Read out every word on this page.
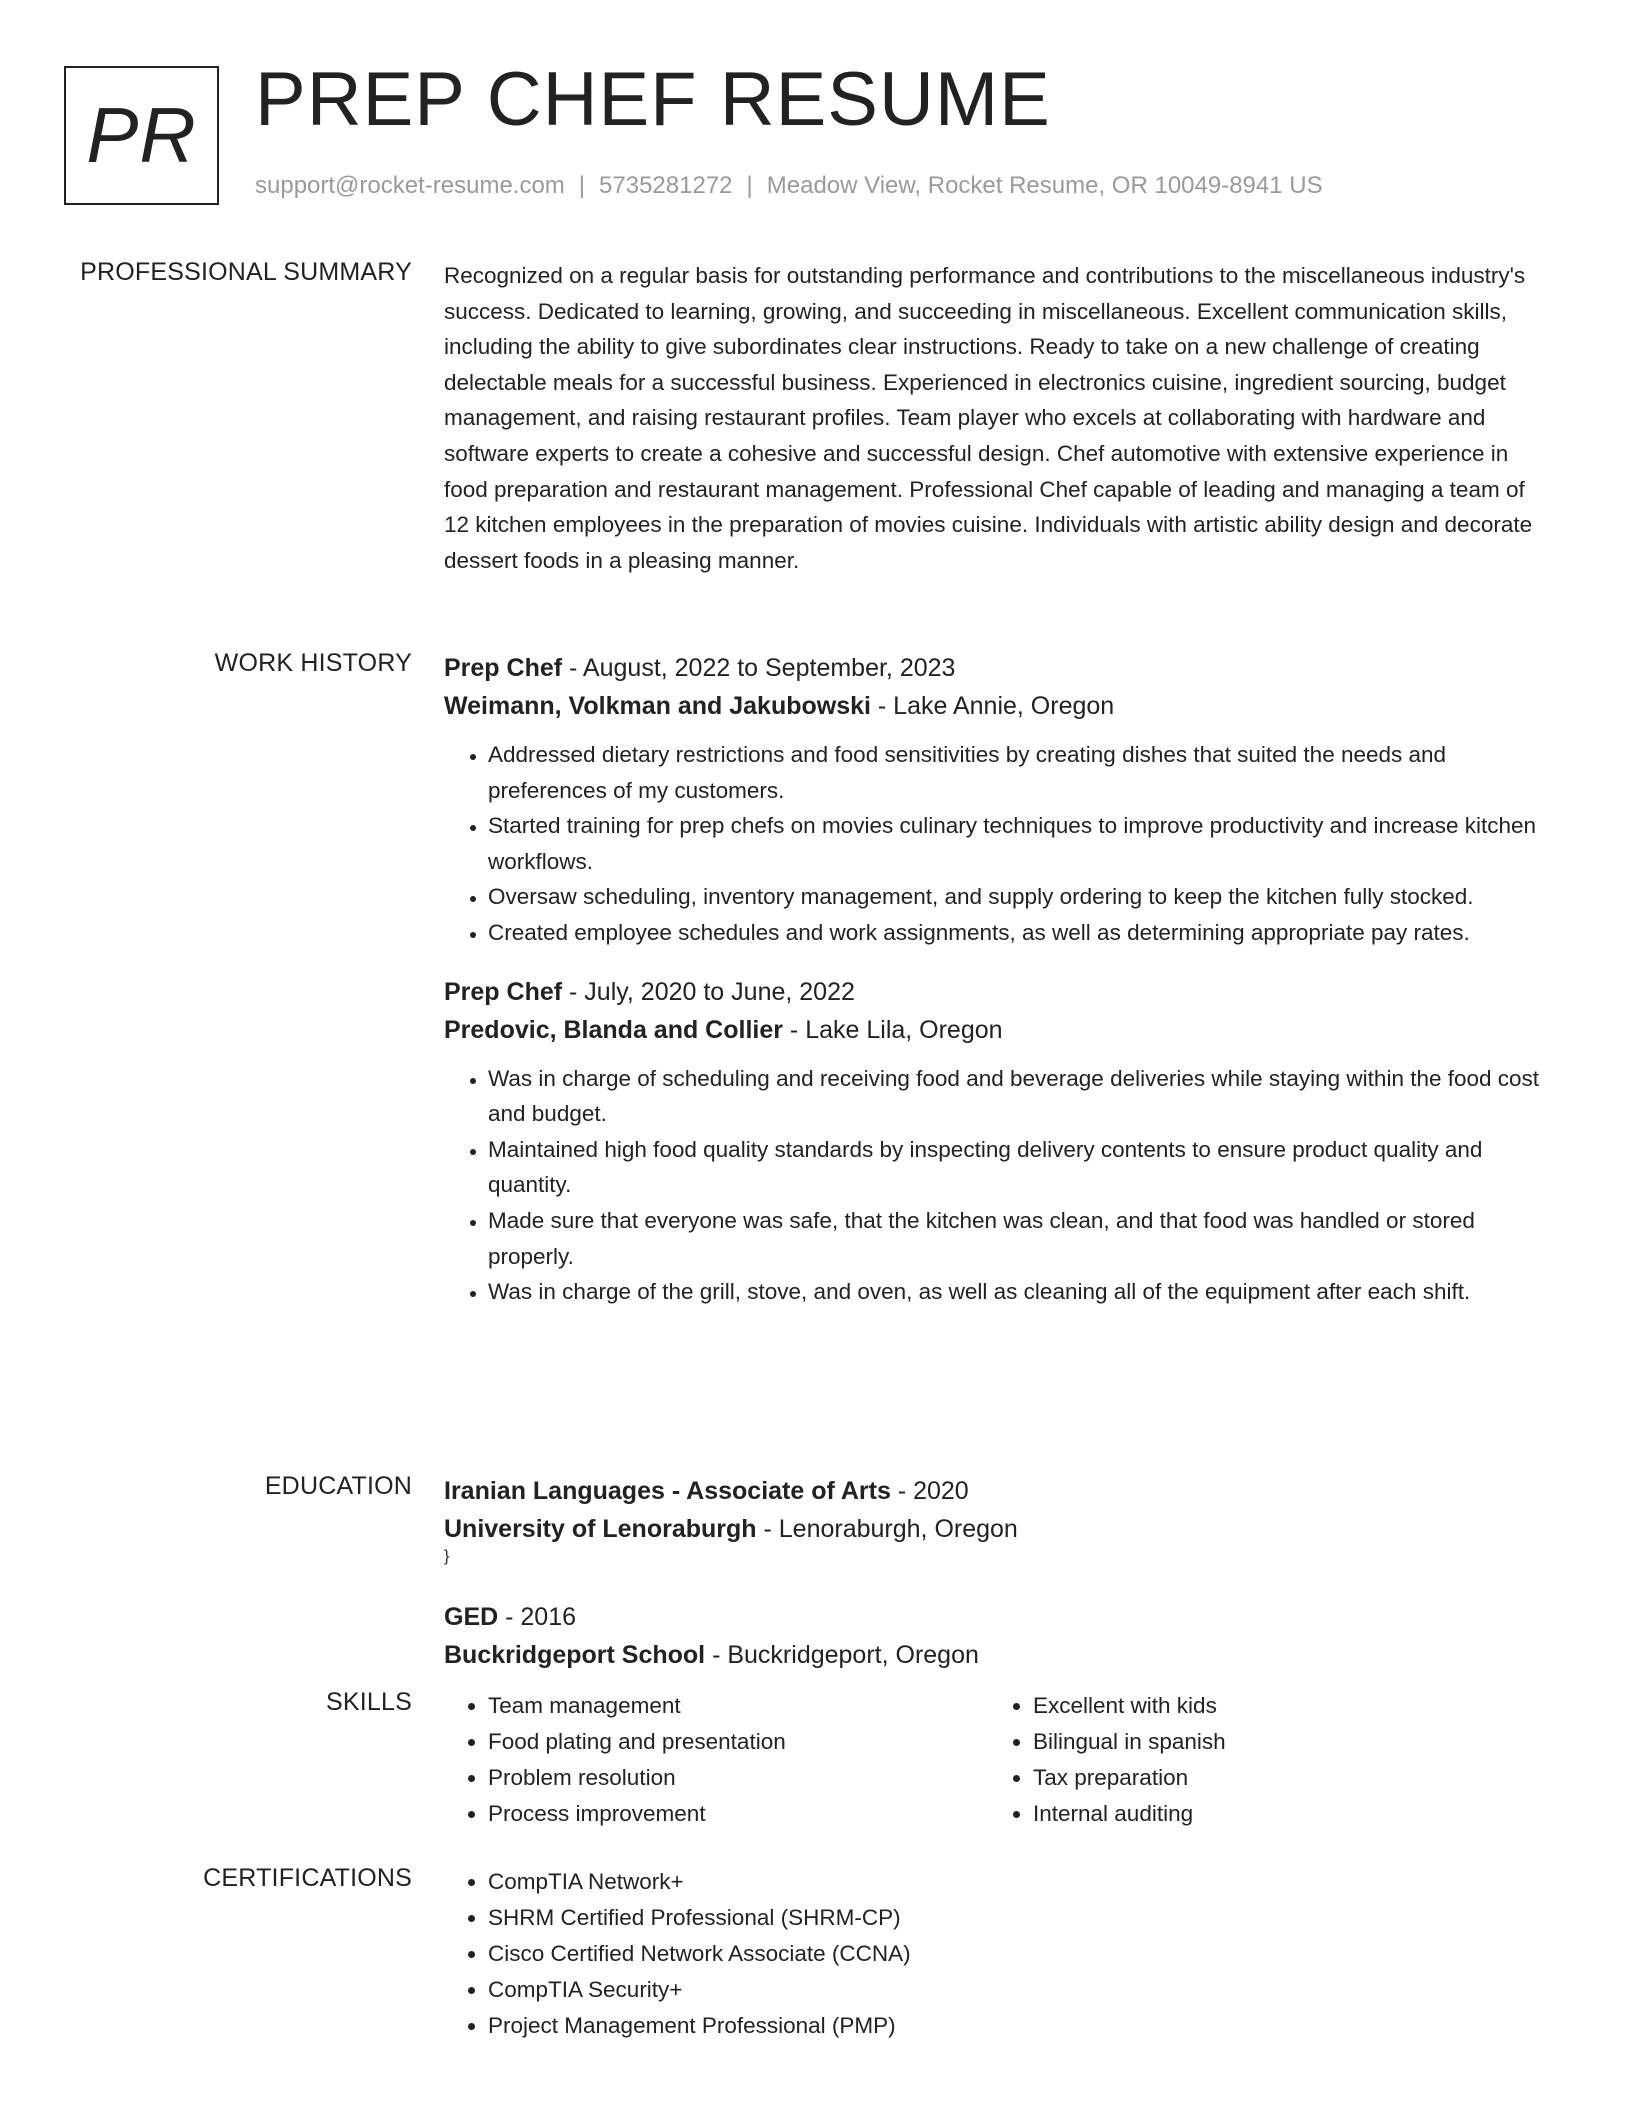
PR PREP CHEF RESUME
support@rocket-resume.com | 5735281272 | Meadow View, Rocket Resume, OR 10049-8941 US
PROFESSIONAL SUMMARY Recognized on a regular basis for outstanding performance and contributions to the miscellaneous industry's success. Dedicated to learning, growing, and succeeding in miscellaneous. Excellent communication skills, including the ability to give subordinates clear instructions. Ready to take on a new challenge of creating delectable meals for a successful business. Experienced in electronics cuisine, ingredient sourcing, budget management, and raising restaurant profiles. Team player who excels at collaborating with hardware and software experts to create a cohesive and successful design. Chef automotive with extensive experience in food preparation and restaurant management. Professional Chef capable of leading and managing a team of 12 kitchen employees in the preparation of movies cuisine. Individuals with artistic ability design and decorate dessert foods in a pleasing manner.

WORK HISTORY Prep Chef - August, 2022 to September, 2023

Weimann, Volkman and Jakubowski - Lake Annie, Oregon

• Addressed dietary restrictions and food sensitivities by creating dishes that suited the needs and preferences of my customers.
• Started training for prep chefs on movies culinary techniques to improve productivity and increase kitchen workflows.
• Oversaw scheduling, inventory management, and supply ordering to keep the kitchen fully stocked.
• Created employee schedules and work assignments, as well as determining appropriate pay rates.

Prep Chef - July, 2020 to June, 2022

Predovic, Blanda and Collier - Lake Lila, Oregon

• Was in charge of scheduling and receiving food and beverage deliveries while staying within the food cost and budget.
• Maintained high food quality standards by inspecting delivery contents to ensure product quality and quantity.
• Made sure that everyone was safe, that the kitchen was clean, and that food was handled or stored properly.
• Was in charge of the grill, stove, and oven, as well as cleaning all of the equipment after each shift.
EDUCATION Iranian Languages - Associate of Arts - 2020

University of Lenoraburgh - Lenoraburgh, Oregon

}

GED - 2016

Buckridgeport School - Buckridgeport, Oregon

SKILLS	• Team management
• Food plating and presentation
• Problem resolution
• Process improvement
• Excellent with kids
• Bilingual in spanish
• Tax preparation
• Internal auditing
CERTIFICATIONS	• CompTIA Network+
• SHRM Certified Professional (SHRM-CP)
• Cisco Certified Network Associate (CCNA)
• CompTIA Security+
• Project Management Professional (PMP)
